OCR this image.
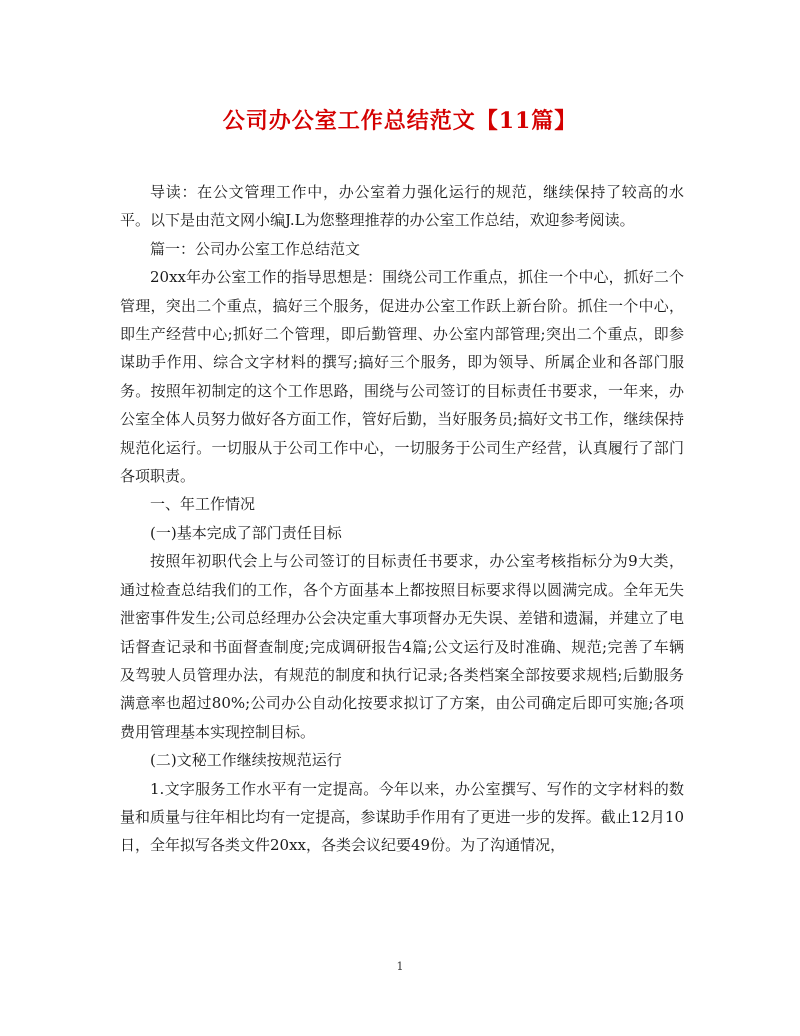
公司办公室工作总结范文【11篇】

导读：在公文管理工作中，办公室着力强化运行的规范，继续保持了较高的水平。以下是由范文网小编J.L为您整理推荐的办公室工作总结，欢迎参考阅读。

篇一：公司办公室工作总结范文

20xx年办公室工作的指导思想是：围绕公司工作重点，抓住一个中心，抓好二个管理，突出二个重点，搞好三个服务，促进办公室工作跃上新台阶。抓住一个中心，即生产经营中心;抓好二个管理，即后勤管理、办公室内部管理;突出二个重点，即参谋助手作用、综合文字材料的撰写;搞好三个服务，即为领导、所属企业和各部门服务。按照年初制定的这个工作思路，围绕与公司签订的目标责任书要求，一年来，办公室全体人员努力做好各方面工作，管好后勤，当好服务员;搞好文书工作，继续保持规范化运行。一切服从于公司工作中心，一切服务于公司生产经营，认真履行了部门各项职责。

一、年工作情况

(一)基本完成了部门责任目标

按照年初职代会上与公司签订的目标责任书要求，办公室考核指标分为9大类，通过检查总结我们的工作，各个方面基本上都按照目标要求得以圆满完成。全年无失泄密事件发生;公司总经理办公会决定重大事项督办无失误、差错和遗漏，并建立了电话督查记录和书面督查制度;完成调研报告4篇;公文运行及时准确、规范;完善了车辆及驾驶人员管理办法，有规范的制度和执行记录;各类档案全部按要求规档;后勤服务满意率也超过80%;公司办公自动化按要求拟订了方案，由公司确定后即可实施;各项费用管理基本实现控制目标。

(二)文秘工作继续按规范运行

1.文字服务工作水平有一定提高。今年以来，办公室撰写、写作的文字材料的数量和质量与往年相比均有一定提高，参谋助手作用有了更进一步的发挥。截止12月10日，全年拟写各类文件20xx，各类会议纪要49份。为了沟通情况，

1
